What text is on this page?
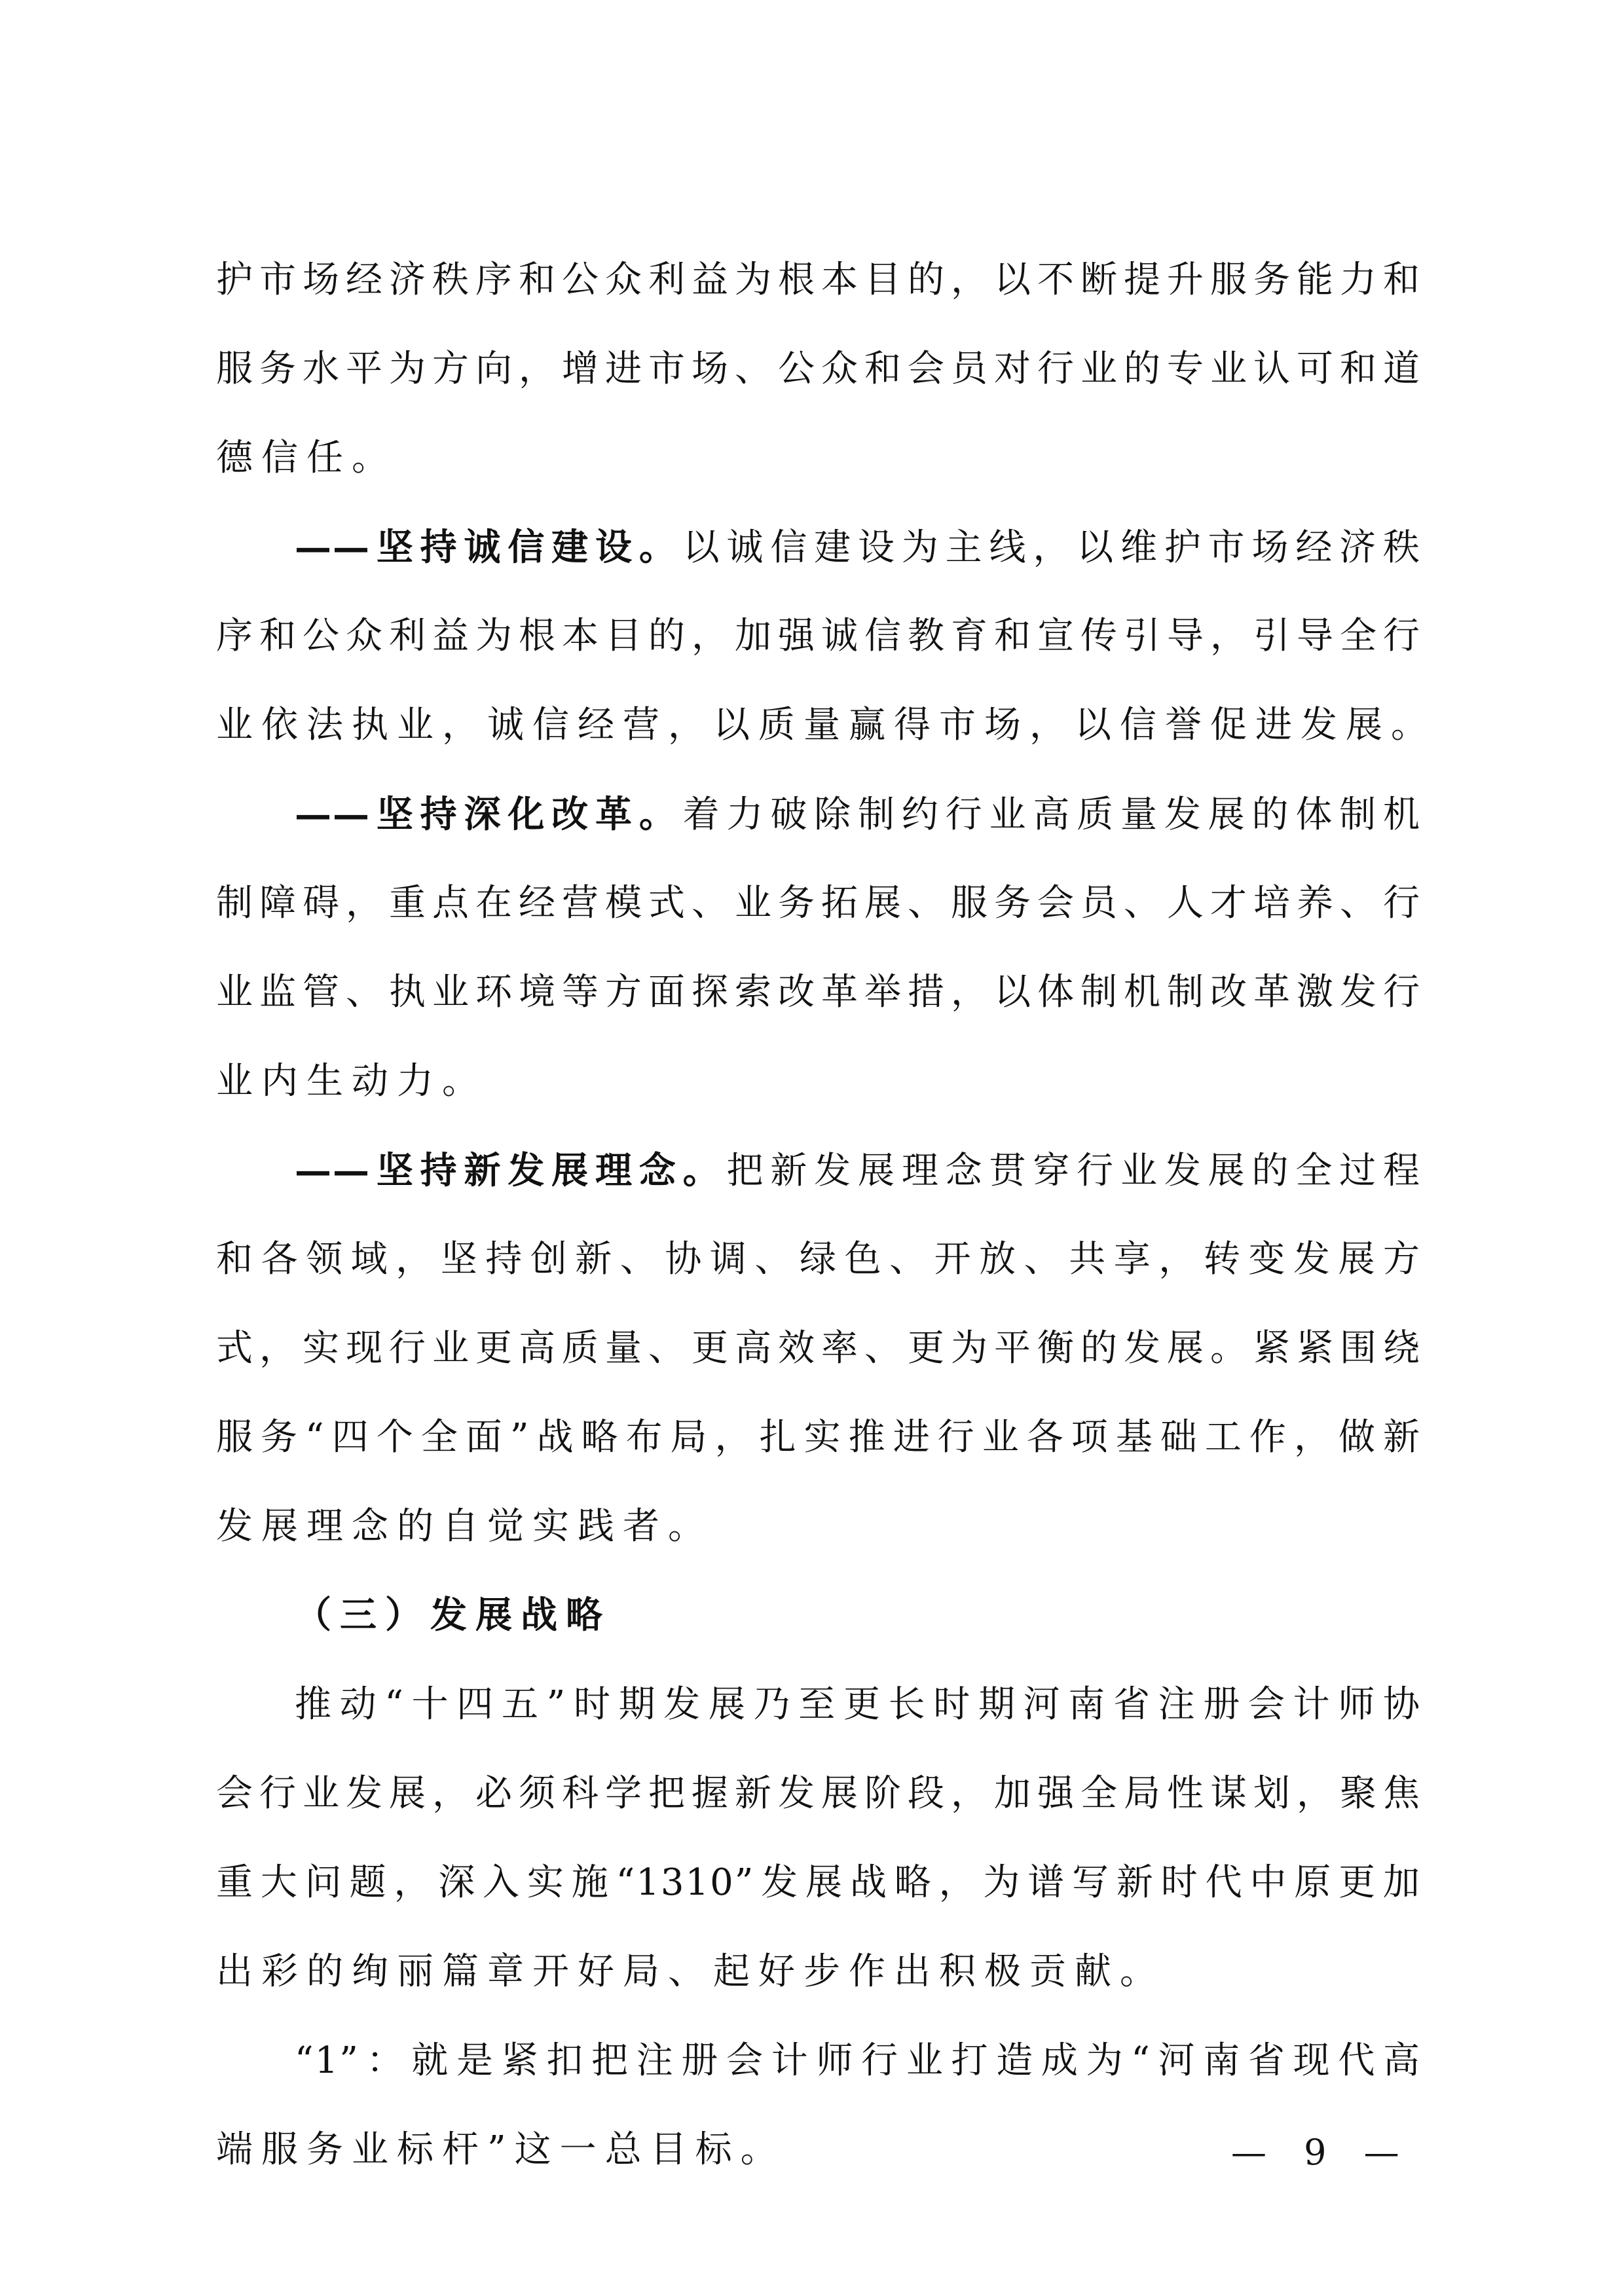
护市场经济秩序和公众利益为根本目的，以不断提升服务能力和
服务水平为方向，增进市场、公众和会员对行业的专业认可和道
德信任。
——坚持诚信建设。以诚信建设为主线，以维护市场经济秩
序和公众利益为根本目的，加强诚信教育和宣传引导，引导全行
业依法执业，诚信经营，以质量赢得市场，以信誉促进发展。
——坚持深化改革。着力破除制约行业高质量发展的体制机
制障碍，重点在经营模式、业务拓展、服务会员、人才培养、行
业监管、执业环境等方面探索改革举措，以体制机制改革激发行
业内生动力。
——坚持新发展理念。把新发展理念贯穿行业发展的全过程
和各领域，坚持创新、协调、绿色、开放、共享，转变发展方
式，实现行业更高质量、更高效率、更为平衡的发展。紧紧围绕
服务“四个全面”战略布局，扎实推进行业各项基础工作，做新
发展理念的自觉实践者。
（三）发展战略
推动“十四五”时期发展乃至更长时期河南省注册会计师协
会行业发展，必须科学把握新发展阶段，加强全局性谋划，聚焦
重大问题，深入实施“1310”发展战略，为谱写新时代中原更加
出彩的绚丽篇章开好局、起好步作出积极贡献。
“1”：就是紧扣把注册会计师行业打造成为“河南省现代高
端服务业标杆”这一总目标。	— 9 —
